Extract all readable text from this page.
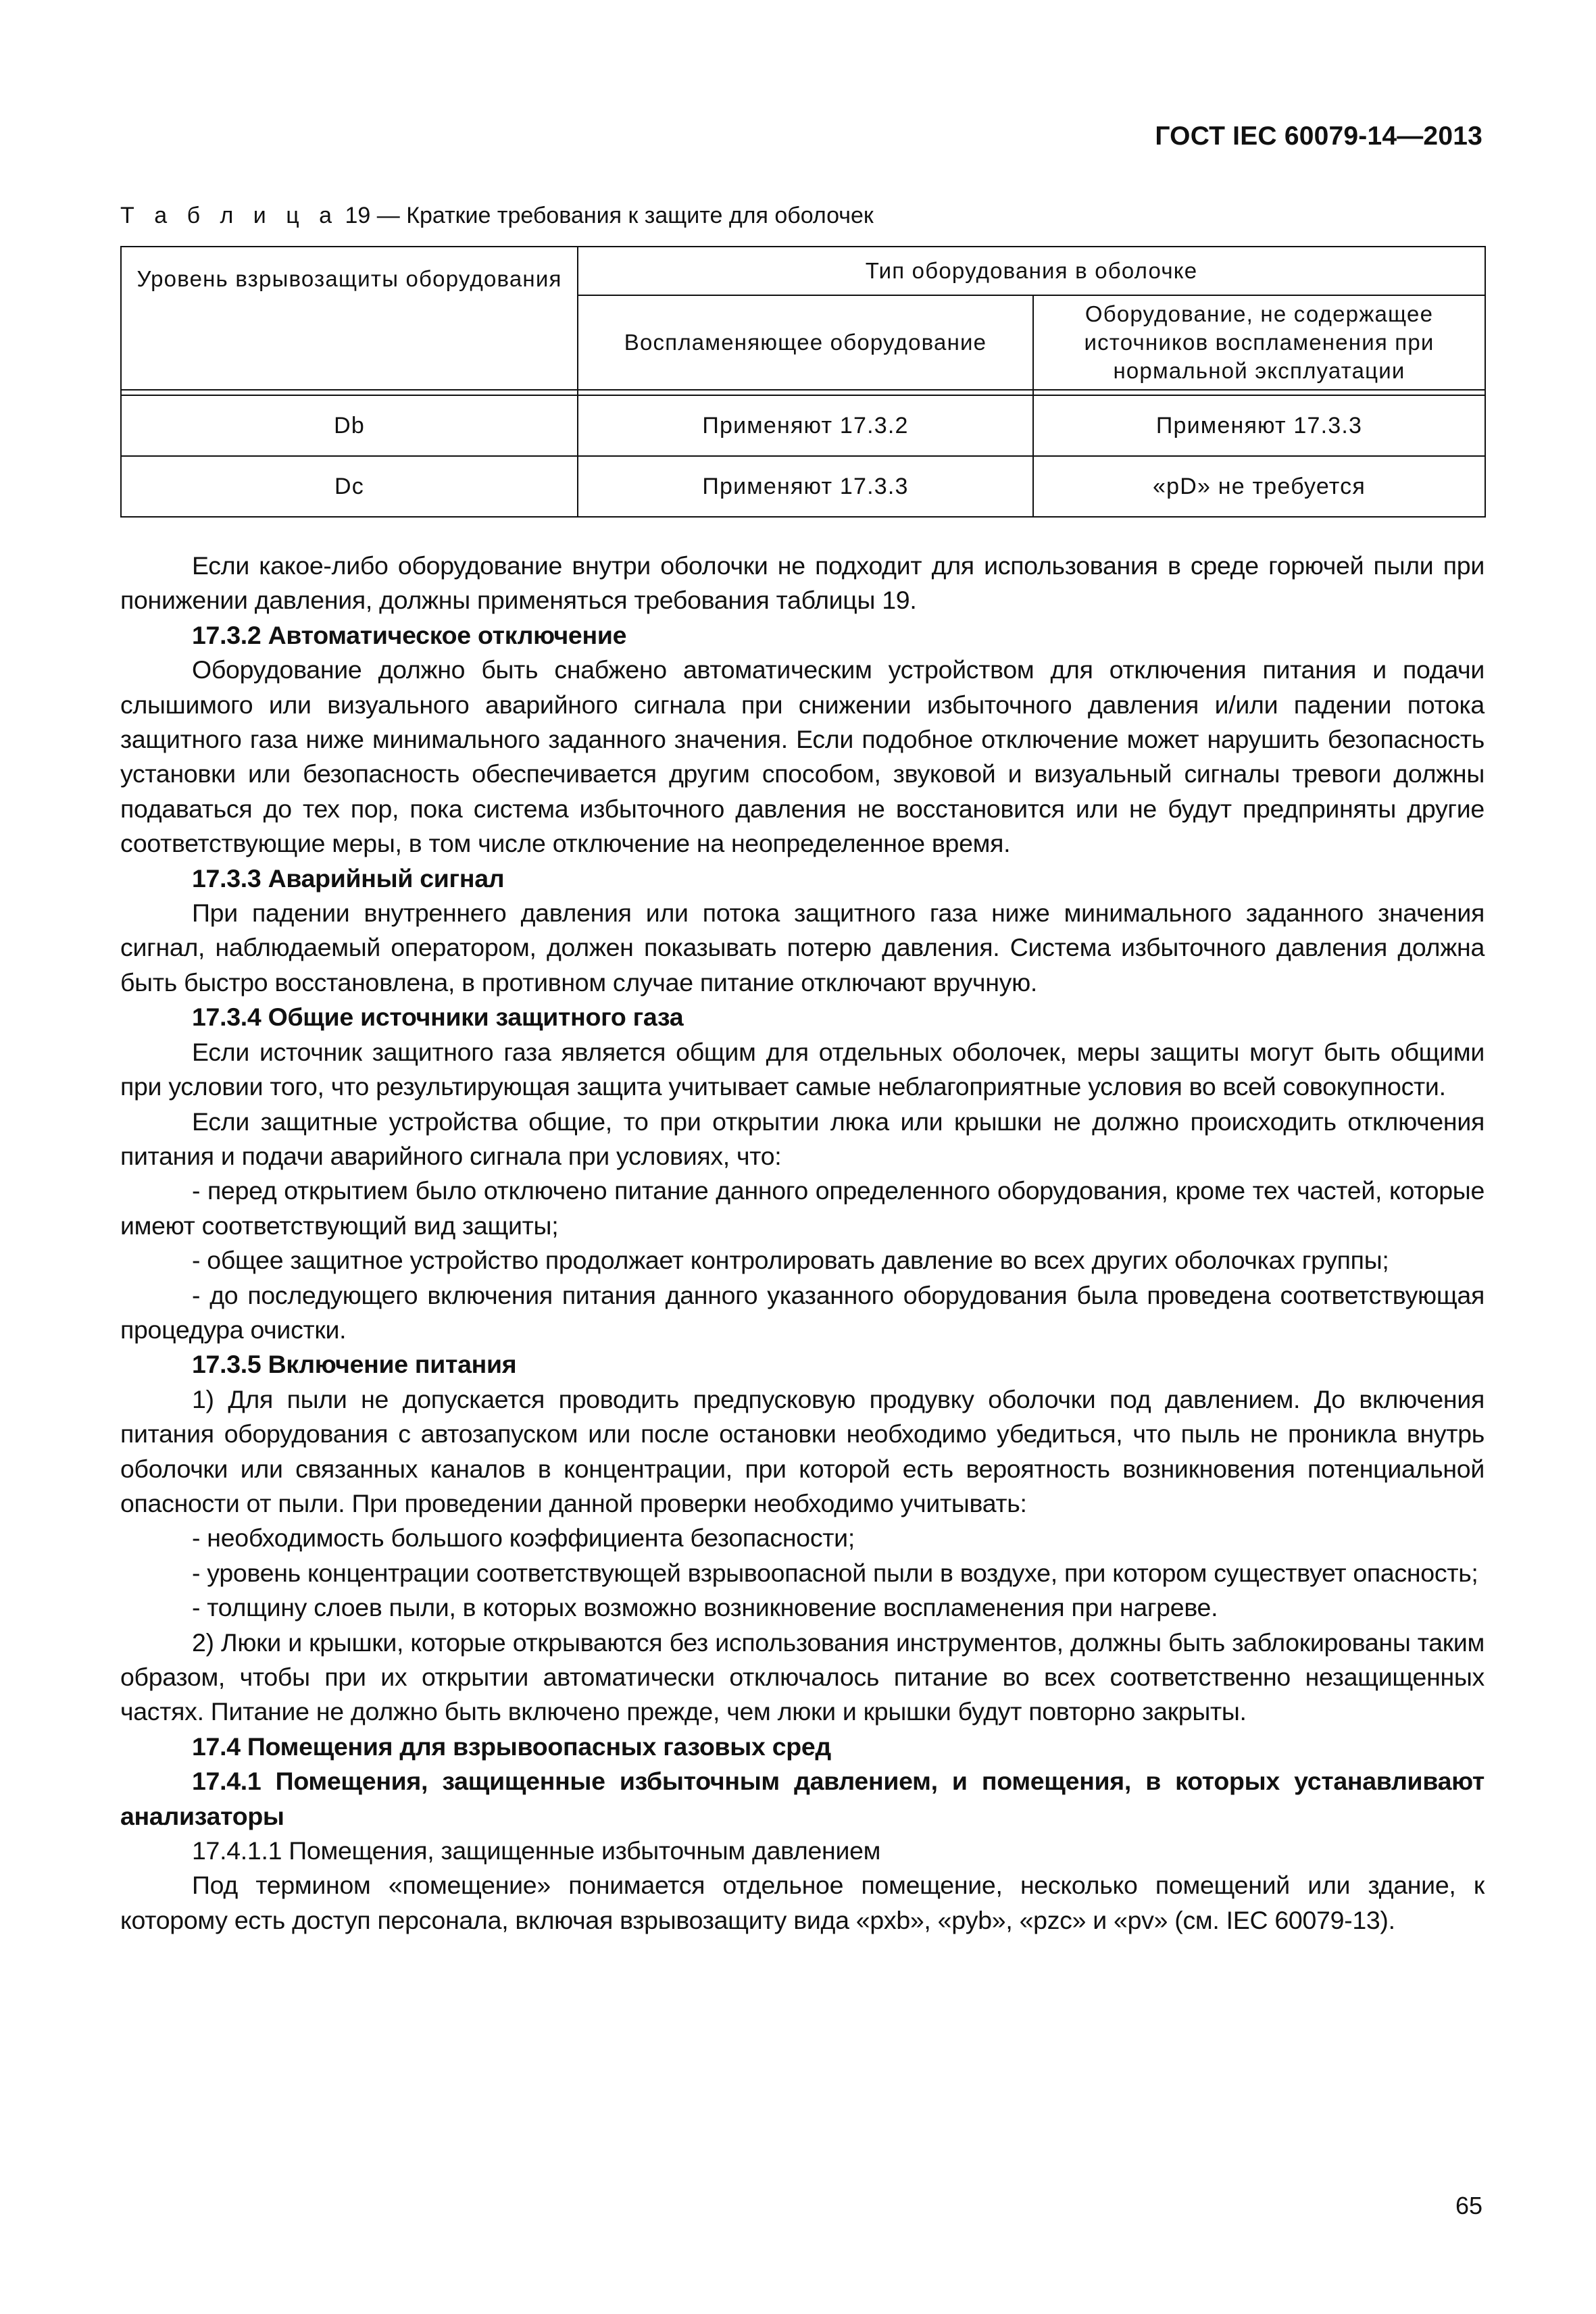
ГОСТ IEC 60079-14—2013
Т а б л и ц а 19 — Краткие требования к защите для оболочек
Уровень взрывозащиты оборудования	Тип оборудования в оболочке	
	Воспламеняющее оборудование	Оборудование, не содержащее источников воспламенения при нормальной эксплуатации

Db	Применяют 17.3.2	Применяют 17.3.3
Dc	Применяют 17.3.3	«pD» не требуется

Если какое-либо оборудование внутри оболочки не подходит для использования в среде горючей пыли при понижении давления, должны применяться требования таблицы 19.

17.3.2 Автоматическое отключение

Оборудование должно быть снабжено автоматическим устройством для отключения питания и подачи слышимого или визуального аварийного сигнала при снижении избыточного давления и/или падении потока защитного газа ниже минимального заданного значения. Если подобное отключение может нарушить безопасность установки или безопасность обеспечивается другим способом, звуковой и визуальный сигналы тревоги должны подаваться до тех пор, пока система избыточного давления не восстановится или не будут предприняты другие соответствующие меры, в том числе отключение на неопределенное время.

17.3.3 Аварийный сигнал

При падении внутреннего давления или потока защитного газа ниже минимального заданного значения сигнал, наблюдаемый оператором, должен показывать потерю давления. Система избыточного давления должна быть быстро восстановлена, в противном случае питание отключают вручную.

17.3.4 Общие источники защитного газа

Если источник защитного газа является общим для отдельных оболочек, меры защиты могут быть общими при условии того, что результирующая защита учитывает самые неблагоприятные условия во всей совокупности.

Если защитные устройства общие, то при открытии люка или крышки не должно происходить отключения питания и подачи аварийного сигнала при условиях, что:

- перед открытием было отключено питание данного определенного оборудования, кроме тех частей, которые имеют соответствующий вид защиты;

- общее защитное устройство продолжает контролировать давление во всех других оболочках группы;

- до последующего включения питания данного указанного оборудования была проведена соответствующая процедура очистки.

17.3.5 Включение питания

1) Для пыли не допускается проводить предпусковую продувку оболочки под давлением. До включения питания оборудования с автозапуском или после остановки необходимо убедиться, что пыль не проникла внутрь оболочки или связанных каналов в концентрации, при которой есть вероятность возникновения потенциальной опасности от пыли. При проведении данной проверки необходимо учитывать:

- необходимость большого коэффициента безопасности;

- уровень концентрации соответствующей взрывоопасной пыли в воздухе, при котором существует опасность;

- толщину слоев пыли, в которых возможно возникновение воспламенения при нагреве.

2) Люки и крышки, которые открываются без использования инструментов, должны быть заблокированы таким образом, чтобы при их открытии автоматически отключалось питание во всех соответственно незащищенных частях. Питание не должно быть включено прежде, чем люки и крышки будут повторно закрыты.

17.4 Помещения для взрывоопасных газовых сред

17.4.1 Помещения, защищенные избыточным давлением, и помещения, в которых устанавливают анализаторы

17.4.1.1 Помещения, защищенные избыточным давлением

Под термином «помещение» понимается отдельное помещение, несколько помещений или здание, к которому есть доступ персонала, включая взрывозащиту вида «pxb», «pyb», «pzc» и «pv» (см. IEC 60079-13).

65
